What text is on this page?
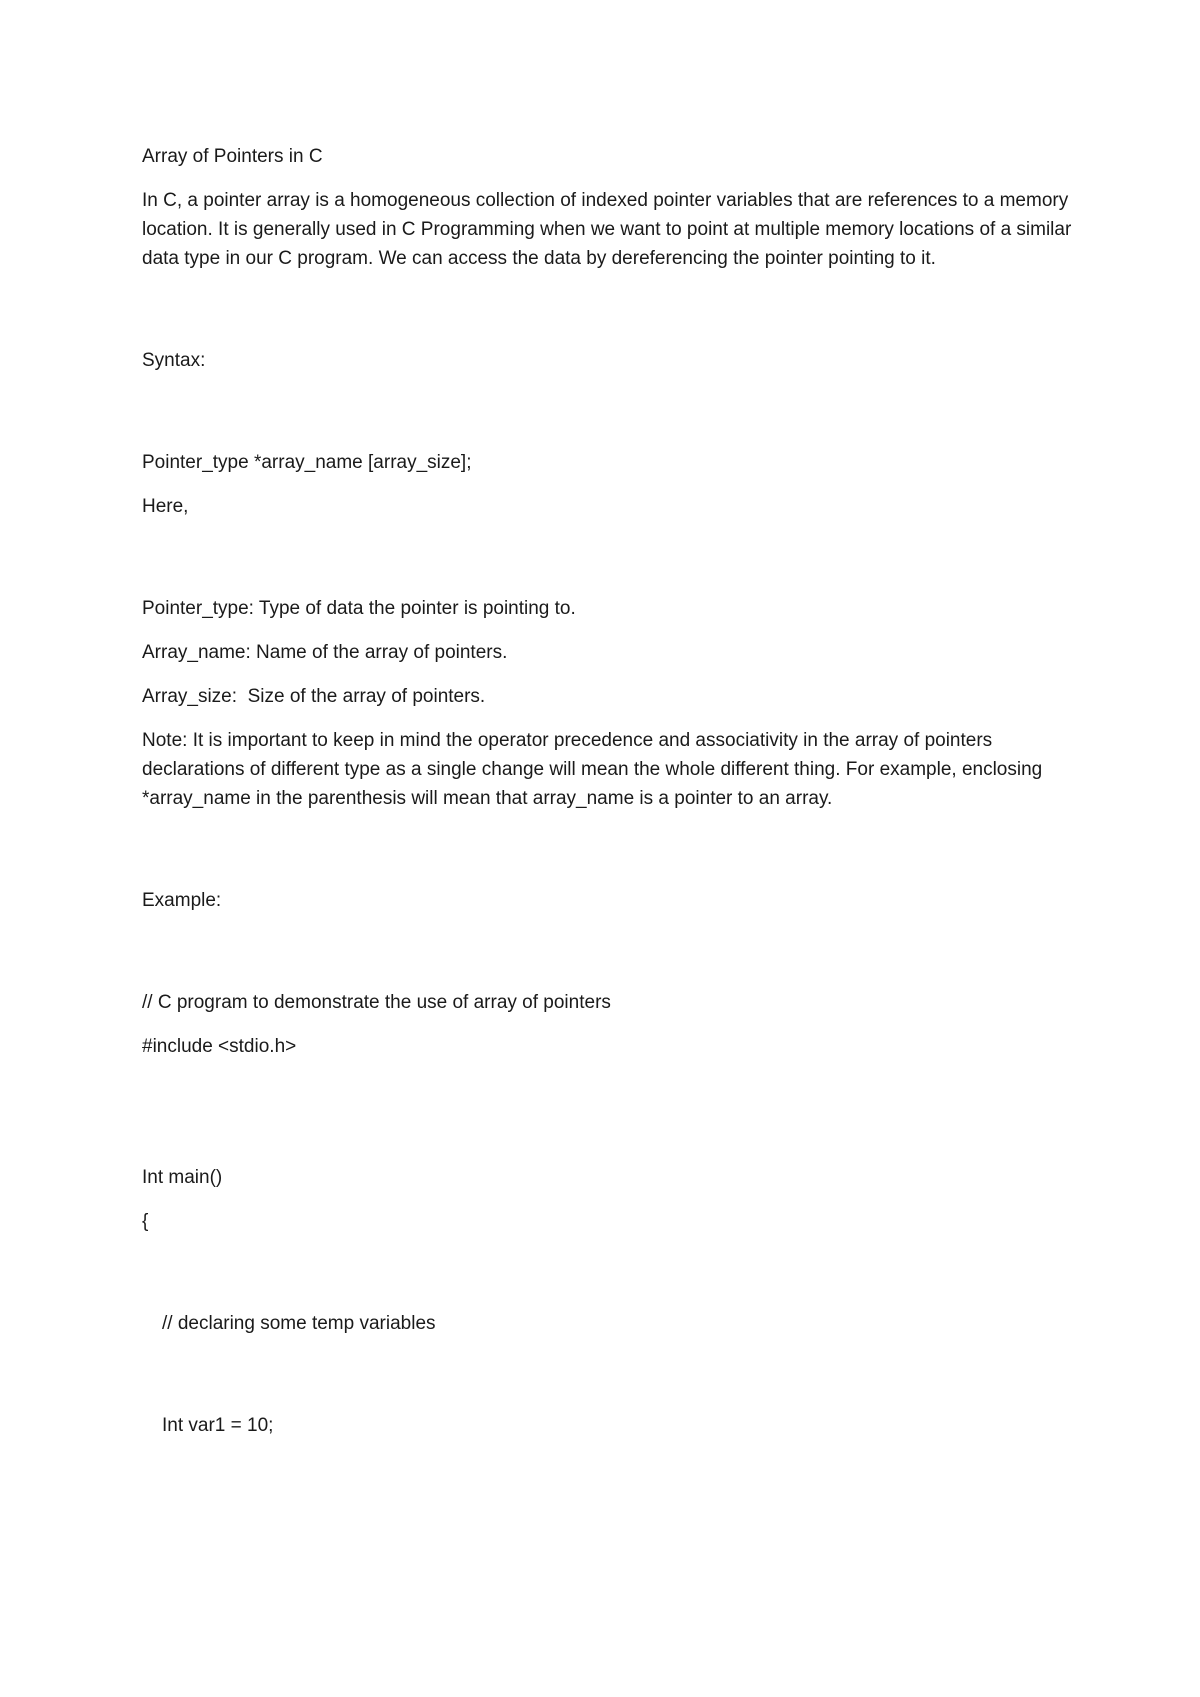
Array of Pointers in C

In C, a pointer array is a homogeneous collection of indexed pointer variables that are references to a memory location. It is generally used in C Programming when we want to point at multiple memory locations of a similar data type in our C program. We can access the data by dereferencing the pointer pointing to it.

Syntax:

Pointer_type *array_name [array_size];

Here,

Pointer_type: Type of data the pointer is pointing to.

Array_name: Name of the array of pointers.

Array_size:  Size of the array of pointers.

Note: It is important to keep in mind the operator precedence and associativity in the array of pointers declarations of different type as a single change will mean the whole different thing. For example, enclosing *array_name in the parenthesis will mean that array_name is a pointer to an array.

Example:

// C program to demonstrate the use of array of pointers

#include <stdio.h>

Int main()

{

// declaring some temp variables

Int var1 = 10;
